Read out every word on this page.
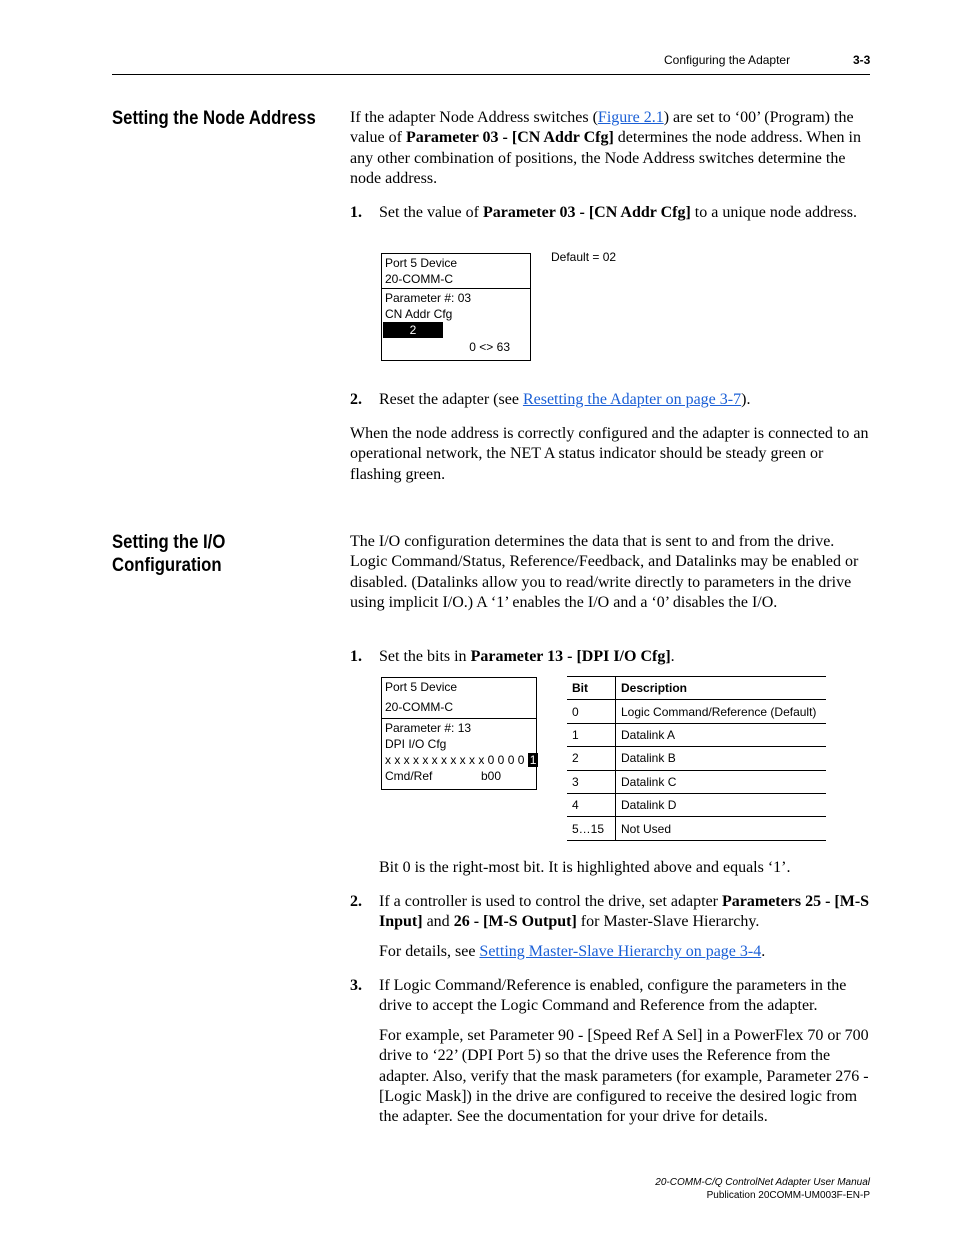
Configuring the Adapter	3-3
Setting the Node Address If the adapter Node Address switches (Figure 2.1) are set to ‘00’ (Program) the value of Parameter 03 - [CN Addr Cfg] determines the node address. When in any other combination of positions, the Node Address switches determine the node address.
1. Set the value of Parameter 03 - [CN Addr Cfg] to a unique node address.
Port 5 Device
20-COMM-C
Parameter #: 03
CN Addr Cfg
2
0 <> 63
Default = 02
2. Reset the adapter (see Resetting the Adapter on page 3-7).
When the node address is correctly configured and the adapter is connected to an operational network, the NET A status indicator should be steady green or flashing green.
Setting the I/O
Configuration
The I/O configuration determines the data that is sent to and from the drive. Logic Command/Status, Reference/Feedback, and Datalinks may be enabled or disabled. (Datalinks allow you to read/write directly to parameters in the drive using implicit I/O.) A ‘1’ enables the I/O and a ‘0’ disables the I/O.
1. Set the bits in Parameter 13 - [DPI I/O Cfg].
Port 5 Device
20-COMM-C
Parameter #: 13
DPI I/O Cfg
x x x x x x x x x x x 0 0 0 0 1
Cmd/Ref	b00
Bit	Description
0	Logic Command/Reference (Default)
1	Datalink A
2	Datalink B
3	Datalink C
4	Datalink D
5…15	Not Used
Bit 0 is the right-most bit. It is highlighted above and equals ‘1’.
2. If a controller is used to control the drive, set adapter Parameters 25 - [M-S Input] and 26 - [M-S Output] for Master-Slave Hierarchy.
For details, see Setting Master-Slave Hierarchy on page 3-4.
3. If Logic Command/Reference is enabled, configure the parameters in the drive to accept the Logic Command and Reference from the adapter.
For example, set Parameter 90 - [Speed Ref A Sel] in a PowerFlex 70 or 700 drive to ‘22’ (DPI Port 5) so that the drive uses the Reference from the adapter. Also, verify that the mask parameters (for example, Parameter 276 - [Logic Mask]) in the drive are configured to receive the desired logic from the adapter. See the documentation for your drive for details.
20-COMM-C/Q ControlNet Adapter User Manual
Publication 20COMM-UM003F-EN-P
